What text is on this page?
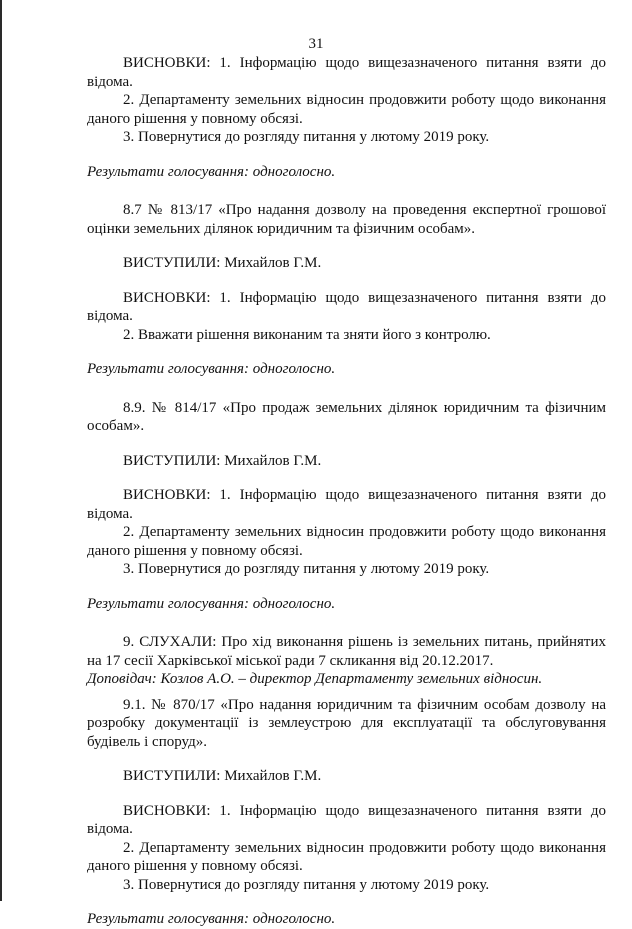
31

ВИСНОВКИ: 1. Інформацію щодо вищезазначеного питання взяти до відома.

2. Департаменту земельних відносин продовжити роботу щодо виконання даного рішення у повному обсязі.

3. Повернутися до розгляду питання у лютому 2019 року.

Результати голосування: одноголосно.

8.7 № 813/17 «Про надання дозволу на проведення експертної грошової оцінки земельних ділянок юридичним та фізичним особам».

ВИСТУПИЛИ: Михайлов Г.М.

ВИСНОВКИ: 1. Інформацію щодо вищезазначеного питання взяти до відома.

2. Вважати рішення виконаним та зняти його з контролю.

Результати голосування: одноголосно.

8.9. № 814/17 «Про продаж земельних ділянок юридичним та фізичним особам».

ВИСТУПИЛИ: Михайлов Г.М.

ВИСНОВКИ: 1. Інформацію щодо вищезазначеного питання взяти до відома.

2. Департаменту земельних відносин продовжити роботу щодо виконання даного рішення у повному обсязі.

3. Повернутися до розгляду питання у лютому 2019 року.

Результати голосування: одноголосно.

9. СЛУХАЛИ: Про хід виконання рішень із земельних питань, прийнятих на 17 сесії Харківської міської ради 7 скликання від 20.12.2017.

Доповідач: Козлов А.О. – директор Департаменту земельних відносин.

9.1. № 870/17 «Про надання юридичним та фізичним особам дозволу на розробку документації із землеустрою для експлуатації та обслуговування будівель і споруд».

ВИСТУПИЛИ: Михайлов Г.М.

ВИСНОВКИ: 1. Інформацію щодо вищезазначеного питання взяти до відома.

2. Департаменту земельних відносин продовжити роботу щодо виконання даного рішення у повному обсязі.

3. Повернутися до розгляду питання у лютому 2019 року.

Результати голосування: одноголосно.
